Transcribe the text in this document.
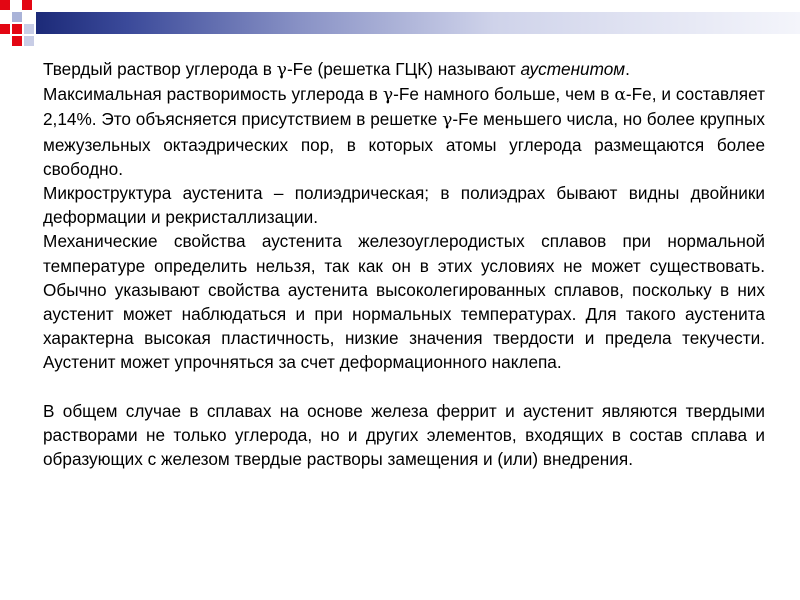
Твердый раствор углерода в γ-Fe (решетка ГЦК) называют аустенитом.

Максимальная растворимость углерода в γ-Fe намного больше, чем в α-Fe, и составляет 2,14%. Это объясняется присутствием в решетке γ-Fe меньшего числа, но более крупных межузельных октаэдрических пор, в которых атомы углерода размещаются более свободно.

Микроструктура аустенита – полиэдрическая; в полиэдрах бывают видны двойники деформации и рекристаллизации.

Механические свойства аустенита железоуглеродистых сплавов при нормальной температуре определить нельзя, так как он в этих условиях не может существовать. Обычно указывают свойства аустенита высоколегированных сплавов, поскольку в них аустенит может наблюдаться и при нормальных температурах. Для такого аустенита характерна высокая пластичность, низкие значения твердости и предела текучести. Аустенит может упрочняться за счет деформационного наклепа.

В общем случае в сплавах на основе железа феррит и аустенит являются твердыми растворами не только углерода, но и других элементов, входящих в состав сплава и образующих с железом твердые растворы замещения и (или) внедрения.
